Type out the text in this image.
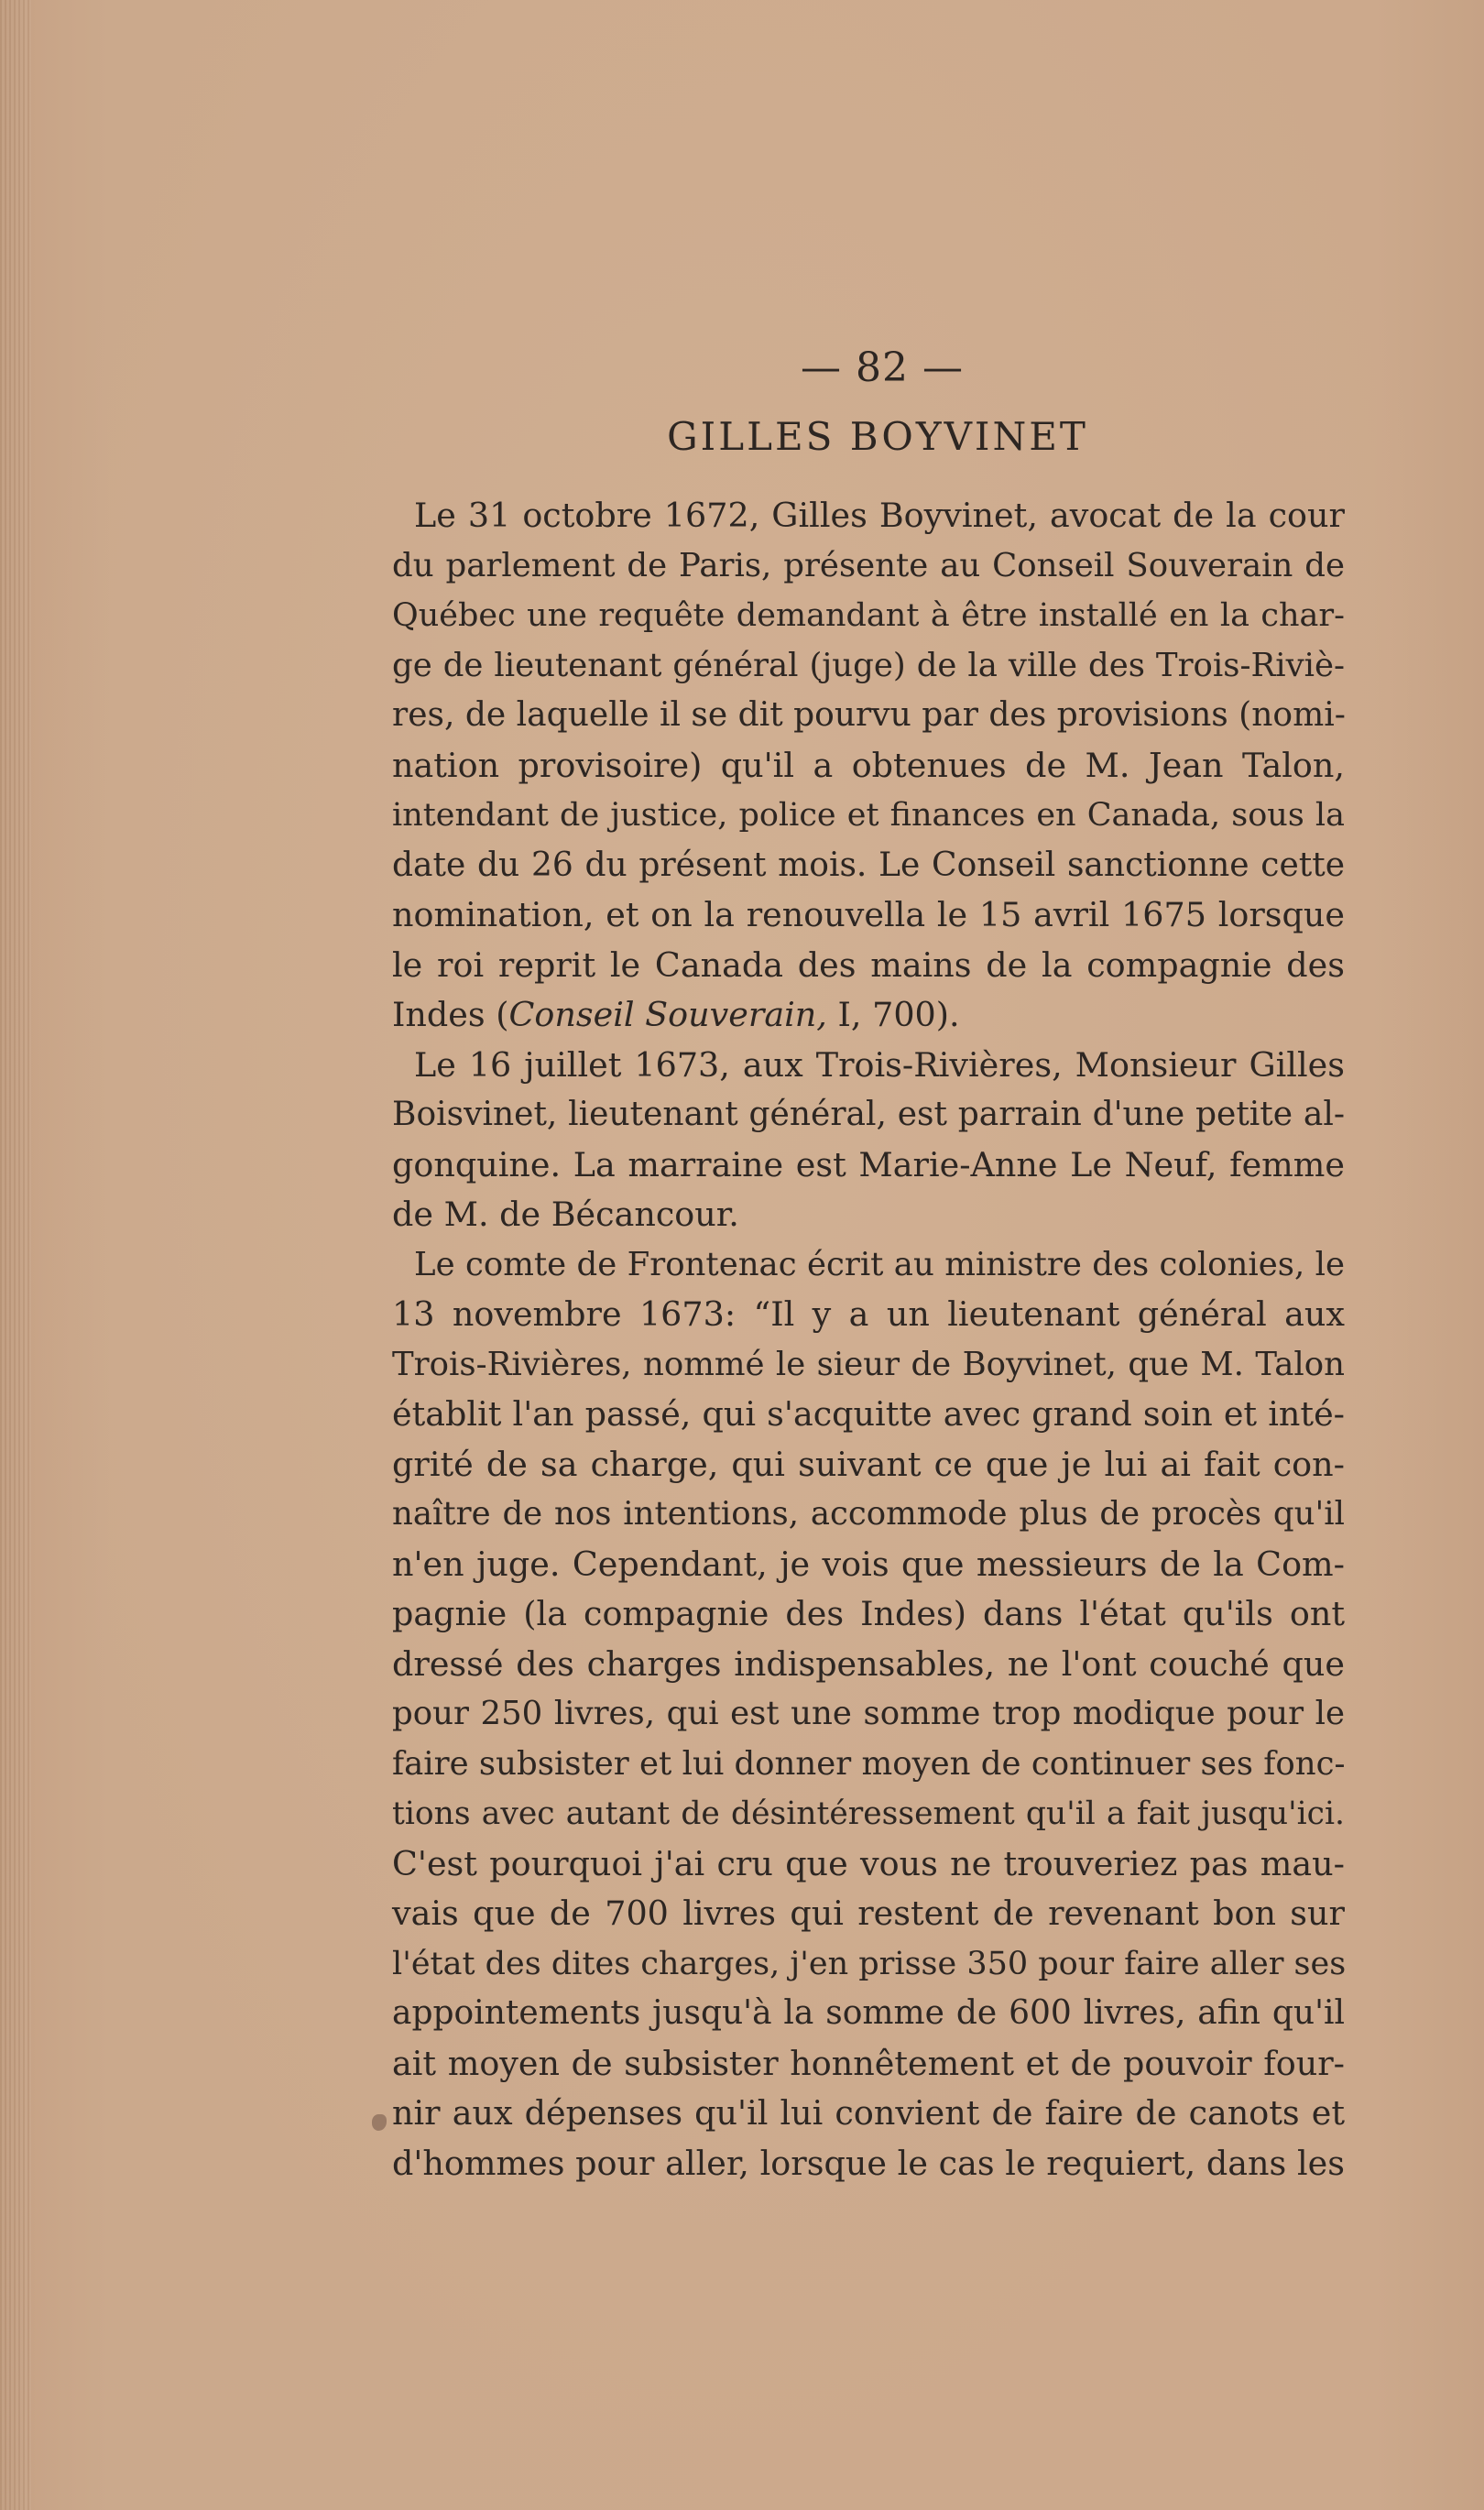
— 82 —
GILLES BOYVINET
Le 31 octobre 1672, Gilles Boyvinet, avocat de la cour
du parlement de Paris, présente au Conseil Souverain de
Québec une requête demandant à être installé en la char-
ge de lieutenant général (juge) de la ville des Trois-Riviè-
res, de laquelle il se dit pourvu par des provisions (nomi-
nation provisoire) qu'il a obtenues de M. Jean Talon,
intendant de justice, police et finances en Canada, sous la
date du 26 du présent mois. Le Conseil sanctionne cette
nomination, et on la renouvella le 15 avril 1675 lorsque
le roi reprit le Canada des mains de la compagnie des
Indes (Conseil Souverain, I, 700).
Le 16 juillet 1673, aux Trois-Rivières, Monsieur Gilles
Boisvinet, lieutenant général, est parrain d'une petite al-
gonquine. La marraine est Marie-Anne Le Neuf, femme
de M. de Bécancour.
Le comte de Frontenac écrit au ministre des colonies, le
13 novembre 1673: “Il y a un lieutenant général aux
Trois-Rivières, nommé le sieur de Boyvinet, que M. Talon
établit l'an passé, qui s'acquitte avec grand soin et inté-
grité de sa charge, qui suivant ce que je lui ai fait con-
naître de nos intentions, accommode plus de procès qu'il
n'en juge. Cependant, je vois que messieurs de la Com-
pagnie (la compagnie des Indes) dans l'état qu'ils ont
dressé des charges indispensables, ne l'ont couché que
pour 250 livres, qui est une somme trop modique pour le
faire subsister et lui donner moyen de continuer ses fonc-
tions avec autant de désintéressement qu'il a fait jusqu'ici.
C'est pourquoi j'ai cru que vous ne trouveriez pas mau-
vais que de 700 livres qui restent de revenant bon sur
l'état des dites charges, j'en prisse 350 pour faire aller ses
appointements jusqu'à la somme de 600 livres, afin qu'il
ait moyen de subsister honnêtement et de pouvoir four-
nir aux dépenses qu'il lui convient de faire de canots et
d'hommes pour aller, lorsque le cas le requiert, dans les
